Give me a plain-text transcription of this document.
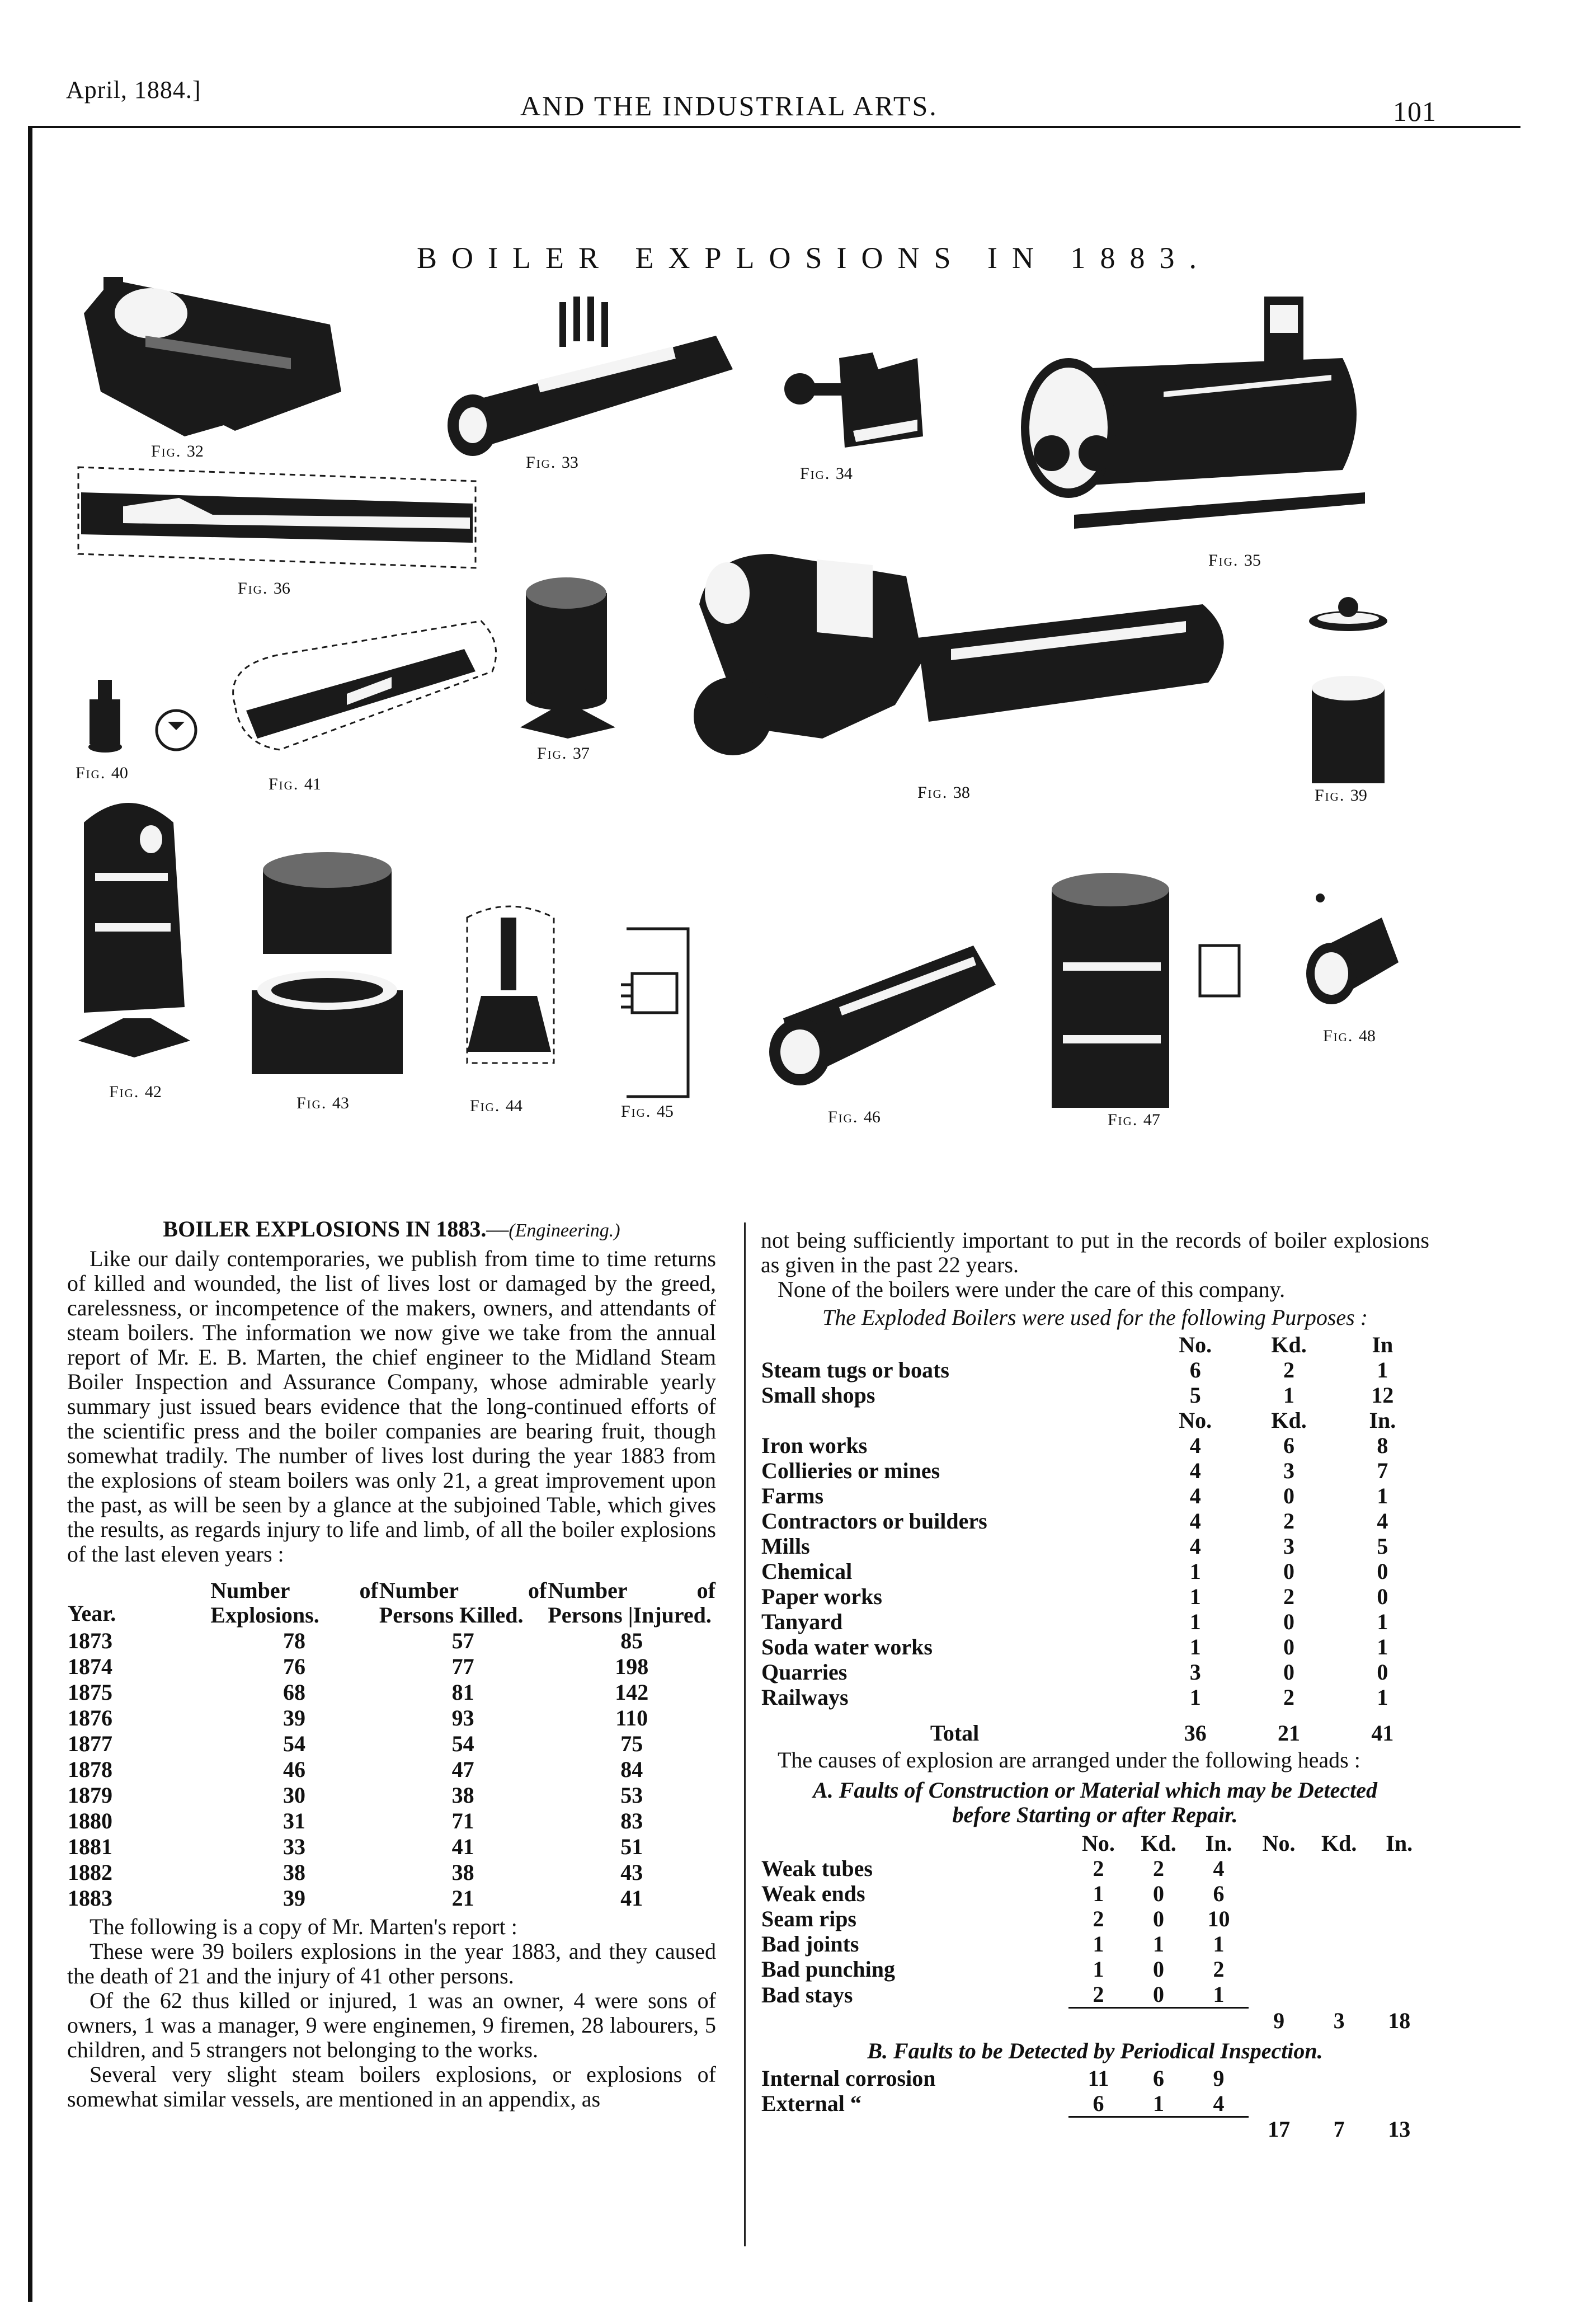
April, 1884.]
AND THE INDUSTRIAL ARTS.	101
BOILER EXPLOSIONS IN 1883.
Fig. 32
Fig. 33
Fig. 34
Fig. 35
Fig. 36
Fig. 37
Fig. 38	Fig. 39
Fig. 40
Fig. 41
Fig. 42
Fig. 43	Fig. 44	Fig. 45	Fig. 46	Fig. 47
Fig. 48
BOILER EXPLOSIONS IN 1883.—(Engineering.)

Like our daily contemporaries, we publish from time to time returns of killed and wounded, the list of lives lost or damaged by the greed, carelessness, or incompetence of the makers, owners, and attendants of steam boilers. The information we now give we take from the annual report of Mr. E. B. Marten, the chief engineer to the Midland Steam Boiler Inspection and Assurance Company, whose admirable yearly summary just issued bears evidence that the long-continued efforts of the scientific press and the boiler companies are bearing fruit, though somewhat tradily. The number of lives lost during the year 1883 from the explosions of steam boilers was only 21, a great improvement upon the past, as will be seen by a glance at the subjoined Table, which gives the results, as regards injury to life and limb, of all the boiler explosions of the last eleven years :

Year.	Number of Explosions.	Number of Persons Killed.	Number of Persons |Injured.
1873	78	57	85
1874	76	77	198
1875	68	81	142
1876	39	93	110
1877	54	54	75
1878	46	47	84
1879	30	38	53
1880	31	71	83
1881	33	41	51
1882	38	38	43
1883	39	21	41

The following is a copy of Mr. Marten's report :

These were 39 boilers explosions in the year 1883, and they caused the death of 21 and the injury of 41 other persons.

Of the 62 thus killed or injured, 1 was an owner, 4 were sons of owners, 1 was a manager, 9 were enginemen, 9 firemen, 28 labourers, 5 children, and 5 strangers not belonging to the works.

Several very slight steam boilers explosions, or explosions of somewhat similar vessels, are mentioned in an appendix, as

not being sufficiently important to put in the records of boiler explosions as given in the past 22 years.

None of the boilers were under the care of this company.

The Exploded Boilers were used for the following Purposes :

	No.	Kd.	In
Steam tugs or boats	6	2	1
Small shops	5	1	12
	No.	Kd.	In.
Iron works	4	6	8
Collieries or mines	4	3	7
Farms	4	0	1
Contractors or builders	4	2	4
Mills	4	3	5
Chemical	1	0	0
Paper works	1	2	0
Tanyard	1	0	1
Soda water works	1	0	1
Quarries	3	0	0
Railways	1	2	1
Total	36	21	41

The causes of explosion are arranged under the following heads :

A. Faults of Construction or Material which may be Detected before Starting or after Repair.

	No.	Kd.	In.	No.	Kd.	In.
Weak tubes	2	2	4			
Weak ends	1	0	6			
Seam rips	2	0	10			
Bad joints	1	1	1			
Bad punching	1	0	2			
Bad stays	2	0	1			
				9	3	18

B. Faults to be Detected by Periodical Inspection.

Internal corrosion	11	6	9			
External “	6	1	4			
				17	7	13
